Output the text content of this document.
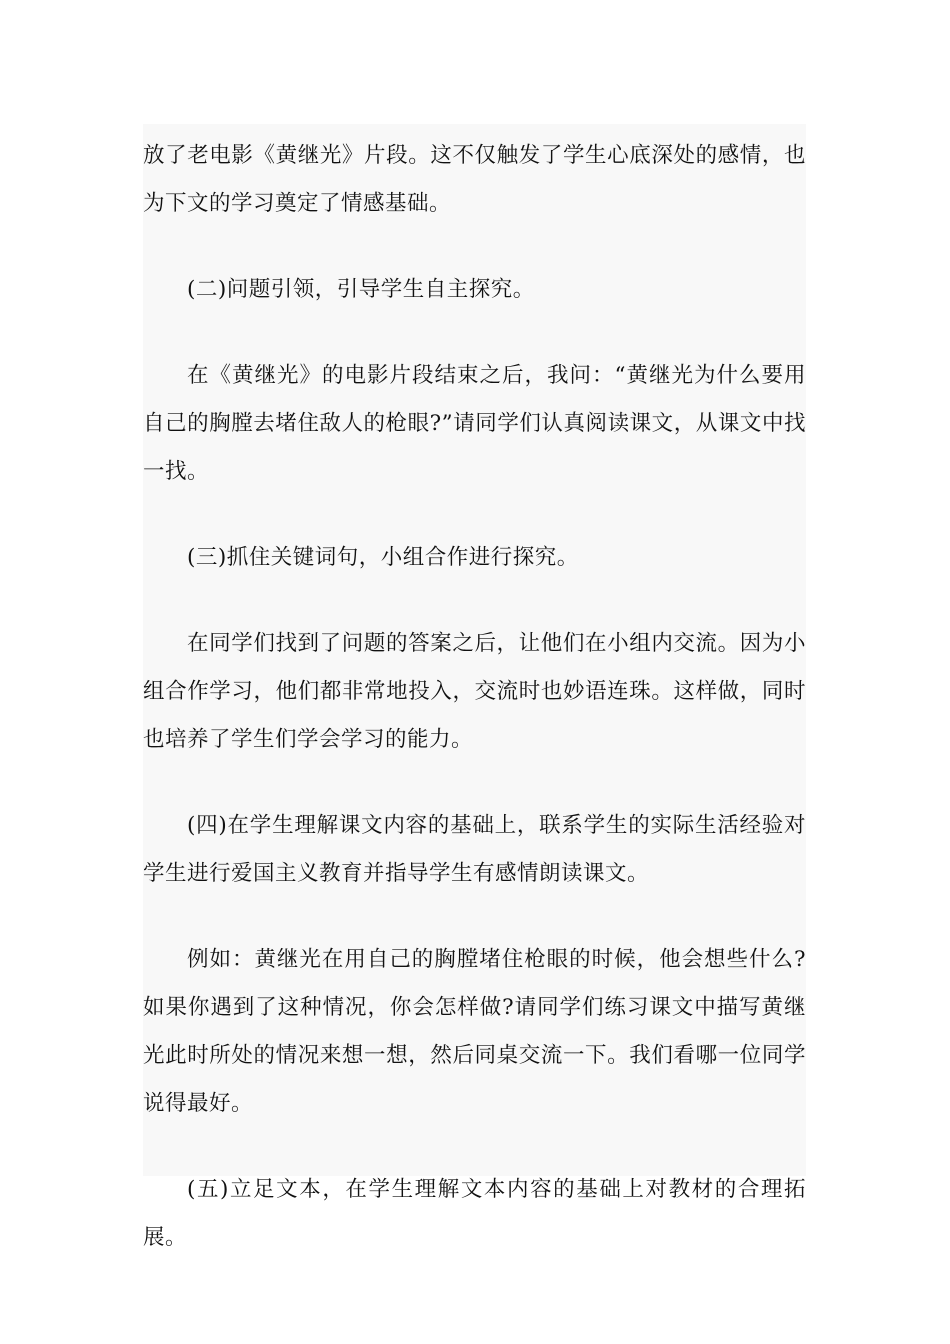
放了老电影《黄继光》片段。这不仅触发了学生心底深处的感情，也为下文的学习奠定了情感基础。

(二)问题引领，引导学生自主探究。

在《黄继光》的电影片段结束之后，我问：“黄继光为什么要用自己的胸膛去堵住敌人的枪眼?”请同学们认真阅读课文，从课文中找一找。

(三)抓住关键词句，小组合作进行探究。

在同学们找到了问题的答案之后，让他们在小组内交流。因为小组合作学习，他们都非常地投入，交流时也妙语连珠。这样做，同时也培养了学生们学会学习的能力。

(四)在学生理解课文内容的基础上，联系学生的实际生活经验对学生进行爱国主义教育并指导学生有感情朗读课文。

例如：黄继光在用自己的胸膛堵住枪眼的时候，他会想些什么?如果你遇到了这种情况，你会怎样做?请同学们练习课文中描写黄继光此时所处的情况来想一想，然后同桌交流一下。我们看哪一位同学说得最好。

(五)立足文本，在学生理解文本内容的基础上对教材的合理拓展。
